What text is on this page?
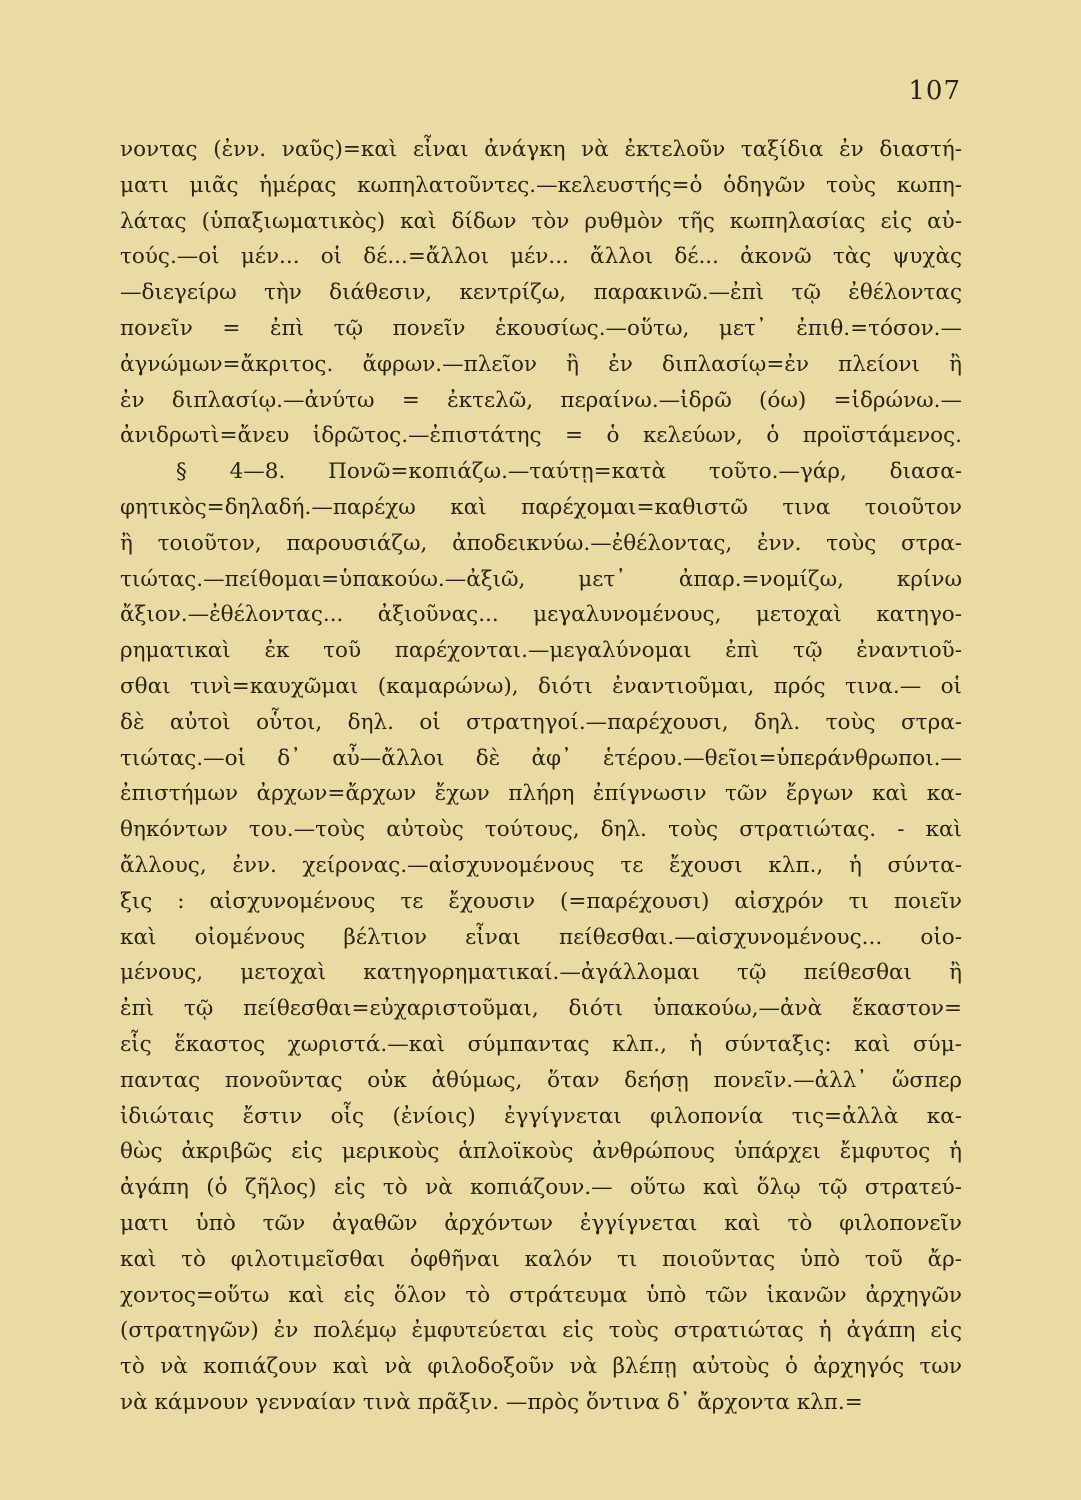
107
νοντας (ἐνν. ναῦς)=καὶ εἶναι ἀνάγκη νὰ ἐκτελοῦν ταξίδια ἐν διαστή-
ματι μιᾶς ἡμέρας κωπηλατοῦντες.—κελευστής=ὁ ὁδηγῶν τοὺς κωπη-
λάτας (ὑπαξιωματικὸς) καὶ δίδων τὸν ρυθμὸν τῆς κωπηλασίας εἰς αὐ-
τούς.—οἱ μέν... οἱ δέ...=ἄλλοι μέν... ἄλλοι δέ... ἀκονῶ τὰς ψυχὰς
—διεγείρω τὴν διάθεσιν, κεντρίζω, παρακινῶ.—ἐπὶ τῷ ἐθέλοντας
πονεῖν = ἐπὶ τῷ πονεῖν ἑκουσίως.—οὕτω, μετ᾽ ἐπιθ.=τόσον.—
ἀγνώμων=ἄκριτος. ἄφρων.—πλεῖον ἢ ἐν διπλασίῳ=ἐν πλείονι ἢ
ἐν διπλασίῳ.—ἀνύτω = ἐκτελῶ, περαίνω.—ἱδρῶ (όω) =ἱδρώνω.—
ἀνιδρωτὶ=ἄνευ ἱδρῶτος.—ἐπιστάτης = ὁ κελεύων, ὁ προϊστάμενος.
§ 4—8. Πονῶ=κοπιάζω.—ταύτῃ=κατὰ τοῦτο.—γάρ, διασα-
φητικὸς=δηλαδή.—παρέχω καὶ παρέχομαι=καθιστῶ τινα τοιοῦτον
ἢ τοιοῦτον, παρουσιάζω, ἀποδεικνύω.—ἐθέλοντας, ἐνν. τοὺς στρα-
τιώτας.—πείθομαι=ὑπακούω.—ἀξιῶ, μετ᾽ ἀπαρ.=νομίζω, κρίνω
ἄξιον.—ἐθέλοντας... ἀξιοῦνας... μεγαλυνομένους, μετοχαὶ κατηγο-
ρηματικαὶ ἐκ τοῦ παρέχονται.—μεγαλύνομαι ἐπὶ τῷ ἐναντιοῦ-
σθαι τινὶ=καυχῶμαι (καμαρώνω), διότι ἐναντιοῦμαι, πρός τινα.— οἱ
δὲ αὐτοὶ οὗτοι, δηλ. οἱ στρατηγοί.—παρέχουσι, δηλ. τοὺς στρα-
τιώτας.—οἱ δ᾽ αὖ—ἄλλοι δὲ ἀφ᾽ ἑτέρου.—θεῖοι=ὑπεράνθρωποι.—
ἐπιστήμων ἀρχων=ἄρχων ἔχων πλήρη ἐπίγνωσιν τῶν ἔργων καὶ κα-
θηκόντων του.—τοὺς αὐτοὺς τούτους, δηλ. τοὺς στρατιώτας. - καὶ
ἄλλους, ἐνν. χείρονας.—αἰσχυνομένους τε ἔχουσι κλπ., ἡ σύντα-
ξις : αἰσχυνομένους τε ἔχουσιν (=παρέχουσι) αἰσχρόν τι ποιεῖν
καὶ οἰομένους βέλτιον εἶναι πείθεσθαι.—αἰσχυνομένους... οἰο-
μένους, μετοχαὶ κατηγορηματικαί.—ἀγάλλομαι τῷ πείθεσθαι ἢ
ἐπὶ τῷ πείθεσθαι=εὐχαριστοῦμαι, διότι ὑπακούω,—ἀνὰ ἕκαστον=
εἷς ἕκαστος χωριστά.—καὶ σύμπαντας κλπ., ἡ σύνταξις: καὶ σύμ-
παντας πονοῦντας οὐκ ἀθύμως, ὅταν δεήσῃ πονεῖν.—ἀλλ᾽ ὥσπερ
ἰδιώταις ἔστιν οἷς (ἐνίοις) ἐγγίγνεται φιλοπονία τις=ἀλλὰ κα-
θὼς ἀκριβῶς εἰς μερικοὺς ἁπλοϊκοὺς ἀνθρώπους ὑπάρχει ἔμφυτος ἡ
ἀγάπη (ὁ ζῆλος) εἰς τὸ νὰ κοπιάζουν.— οὕτω καὶ ὅλῳ τῷ στρατεύ-
ματι ὑπὸ τῶν ἀγαθῶν ἀρχόντων ἐγγίγνεται καὶ τὸ φιλοπονεῖν
καὶ τὸ φιλοτιμεῖσθαι ὀφθῆναι καλόν τι ποιοῦντας ὑπὸ τοῦ ἄρ-
χοντος=οὕτω καὶ εἰς ὅλον τὸ στράτευμα ὑπὸ τῶν ἱκανῶν ἀρχηγῶν
(στρατηγῶν) ἐν πολέμῳ ἐμφυτεύεται εἰς τοὺς στρατιώτας ἡ ἀγάπη εἰς
τὸ νὰ κοπιάζουν καὶ νὰ φιλοδοξοῦν νὰ βλέπῃ αὐτοὺς ὁ ἀρχηγός των
νὰ κάμνουν γενναίαν τινὰ πρᾶξιν. —πρὸς ὅντινα δ᾽ ἄρχοντα κλπ.=
